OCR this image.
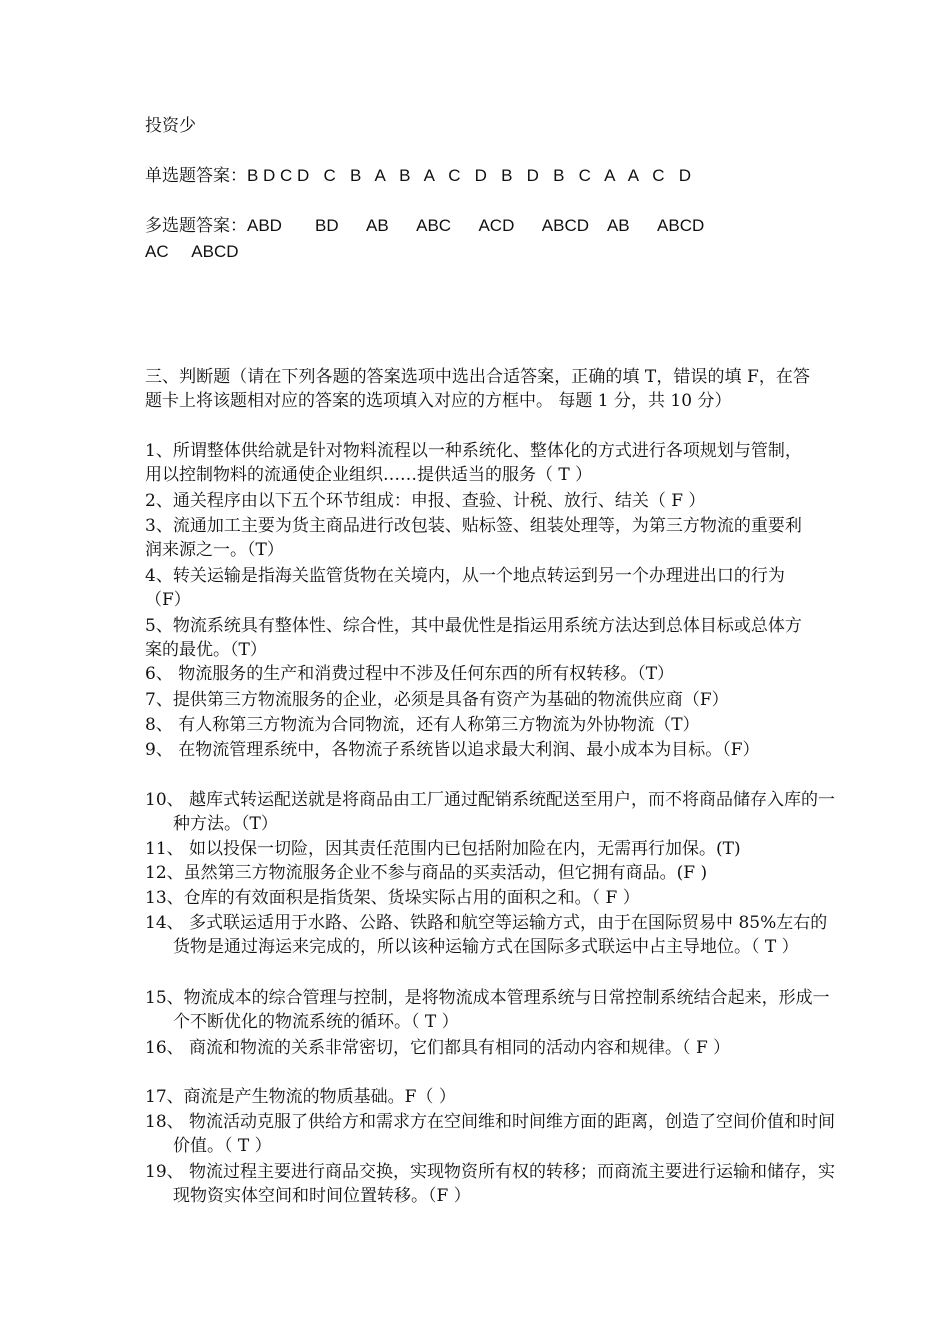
投资少
单选题答案：B D C D   C   B   A   B   A   C   D   B   D   B   C   A   A   C   D
多选题答案：ABD       BD      AB      ABC      ACD      ABCD    AB      ABCD
AC     ABCD
三、判断题（请在下列各题的答案选项中选出合适答案，正确的填 T，错误的填 F，在答题卡上将该题相对应的答案的选项填入对应的方框中。 每题 1 分，共 10 分）
1、所谓整体供给就是针对物料流程以一种系统化、整体化的方式进行各项规划与管制，用以控制物料的流通使企业组织……提供适当的服务（ T ）
2、通关程序由以下五个环节组成：申报、查验、计税、放行、结关（ F ）
3、流通加工主要为货主商品进行改包装、贴标签、组装处理等，为第三方物流的重要利润来源之一。（T）
4、转关运输是指海关监管货物在关境内，从一个地点转运到另一个办理进出口的行为（F）
5、物流系统具有整体性、综合性，其中最优性是指运用系统方法达到总体目标或总体方案的最优。（T）
6、 物流服务的生产和消费过程中不涉及任何东西的所有权转移。（T）
7、提供第三方物流服务的企业，必须是具备有资产为基础的物流供应商（F）
8、 有人称第三方物流为合同物流，还有人称第三方物流为外协物流（T）
9、 在物流管理系统中，各物流子系统皆以追求最大利润、最小成本为目标。（F）
10、 越库式转运配送就是将商品由工厂通过配销系统配送至用户，而不将商品储存入库的一种方法。（T）
11、 如以投保一切险，因其责任范围内已包括附加险在内，无需再行加保。(T)
12、虽然第三方物流服务企业不参与商品的买卖活动，但它拥有商品。(F )
13、仓库的有效面积是指货架、货垛实际占用的面积之和。（ F ）
14、 多式联运适用于水路、公路、铁路和航空等运输方式，由于在国际贸易中 85%左右的货物是通过海运来完成的，所以该种运输方式在国际多式联运中占主导地位。（ T ）
15、物流成本的综合管理与控制，是将物流成本管理系统与日常控制系统结合起来，形成一个不断优化的物流系统的循环。（ T ）
16、 商流和物流的关系非常密切，它们都具有相同的活动内容和规律。（ F ）
17、商流是产生物流的物质基础。F（ ）
18、 物流活动克服了供给方和需求方在空间维和时间维方面的距离，创造了空间价值和时间价值。（ T ）
19、 物流过程主要进行商品交换，实现物资所有权的转移；而商流主要进行运输和储存，实现物资实体空间和时间位置转移。（F ）
